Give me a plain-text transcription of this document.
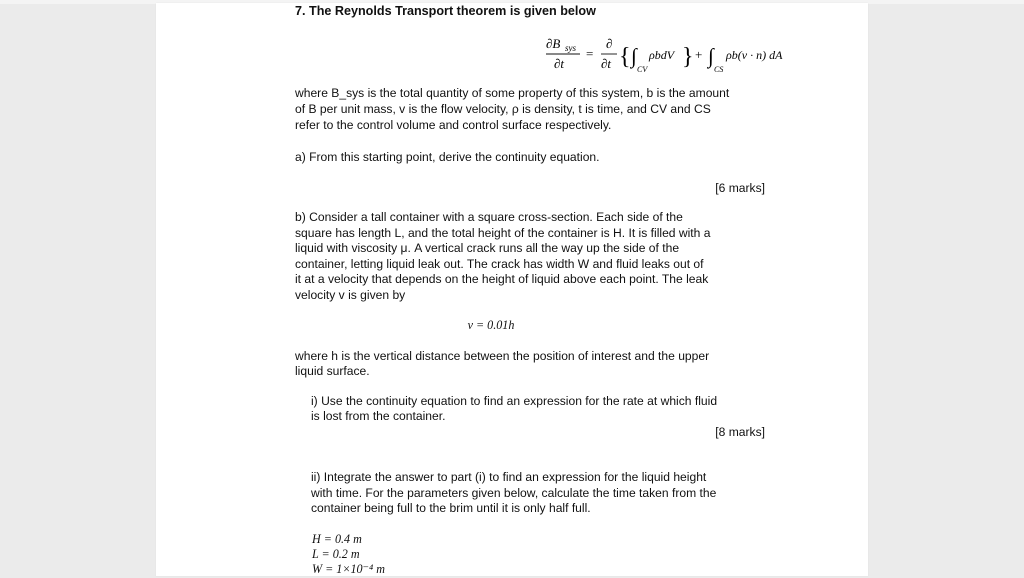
7. The Reynolds Transport theorem is given below

∂B sys
∂t
=
∂
∂t { ∫
CV
ρbdV } + ∫
CS
ρb(v · n) dA

where B_sys is the total quantity of some property of this system, b is the amount

of B per unit mass, v is the flow velocity, ρ is density, t is time, and CV and CS

refer to the control volume and control surface respectively.

a) From this starting point, derive the continuity equation.

[6 marks]

b) Consider a tall container with a square cross-section. Each side of the

square has length L, and the total height of the container is H. It is filled with a

liquid with viscosity μ. A vertical crack runs all the way up the side of the

container, letting liquid leak out. The crack has width W and fluid leaks out of

it at a velocity that depends on the height of liquid above each point. The leak

velocity v is given by

v = 0.01h

where h is the vertical distance between the position of interest and the upper

liquid surface.

i) Use the continuity equation to find an expression for the rate at which fluid

is lost from the container.

[8 marks]

ii) Integrate the answer to part (i) to find an expression for the liquid height

with time. For the parameters given below, calculate the time taken from the

container being full to the brim until it is only half full.

H = 0.4 m

L = 0.2 m

W = 1×10⁻⁴ m
